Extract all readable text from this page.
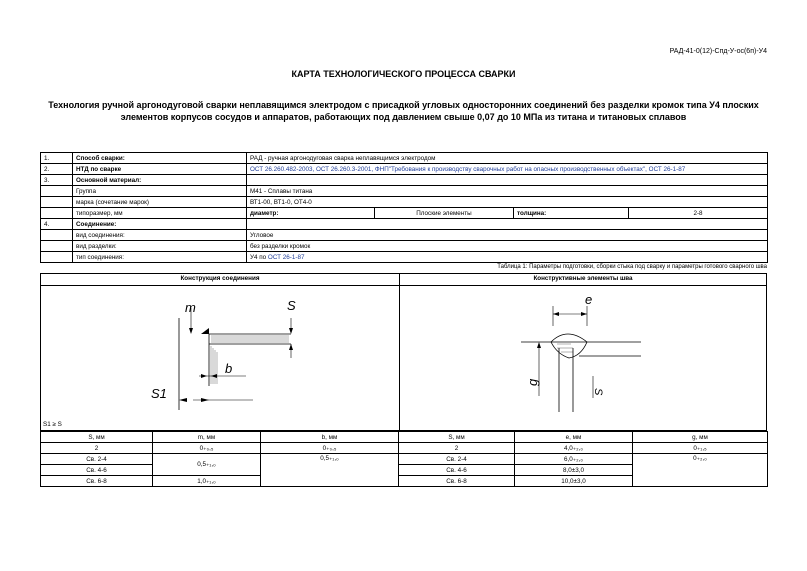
РАД-41-0(12)-Спд-У-ос(6п)-У4
КАРТА ТЕХНОЛОГИЧЕСКОГО ПРОЦЕССА СВАРКИ
Технология ручной аргонодуговой сварки неплавящимся электродом с присадкой угловых односторонних соединений без разделки кромок типа У4 плоских
элементов корпусов сосудов и аппаратов, работающих под давлением свыше 0,07 до 10 МПа из титана и титановых сплавов
1.	Способ сварки:	РАД - ручная аргонодуговая сварка неплавящимся электродом			
2.	НТД по сварке	ОСТ 26.260.482-2003, ОСТ 26.260.3-2001, ФНП"Требования к производству сварочных работ на опасных производственных объектах", ОСТ 26-1-87			
3.	Основной материал:				
	Группа	М41 - Сплавы титана			
	марка (сочетание марок)	ВТ1-00, ВТ1-0, ОТ4-0			
	типоразмер, мм	диаметр:	Плоские элементы	толщина:	2-8
4.	Соединение:				
	вид соединения:	Угловое			
	вид разделки:	без разделки кромок			
	тип соединения:	У4 по ОСТ 26-1-87			
Таблица 1: Параметры подготовки, сборки стыка под сварку и параметры готового сварного шва
Конструкция соединения	Конструктивные элементы шва
m	S
b
S1
e
g
S
S1 ≥ S
S, мм	m, мм	b, мм	S, мм	e, мм	g, мм
2	0₊₀,₅	0₊₀,₅	2	4,0₊₂,₀	0₊₁,₅
Св. 2-4	0,5₊₁,₀	0,5₊₁,₀	Св. 2-4	6,0₊₂,₀	0₊₂,₀
Св. 4-6			Св. 4-6	8,0±3,0	
Св. 6-8	1,0₊₁,₀		Св. 6-8	10,0±3,0	
